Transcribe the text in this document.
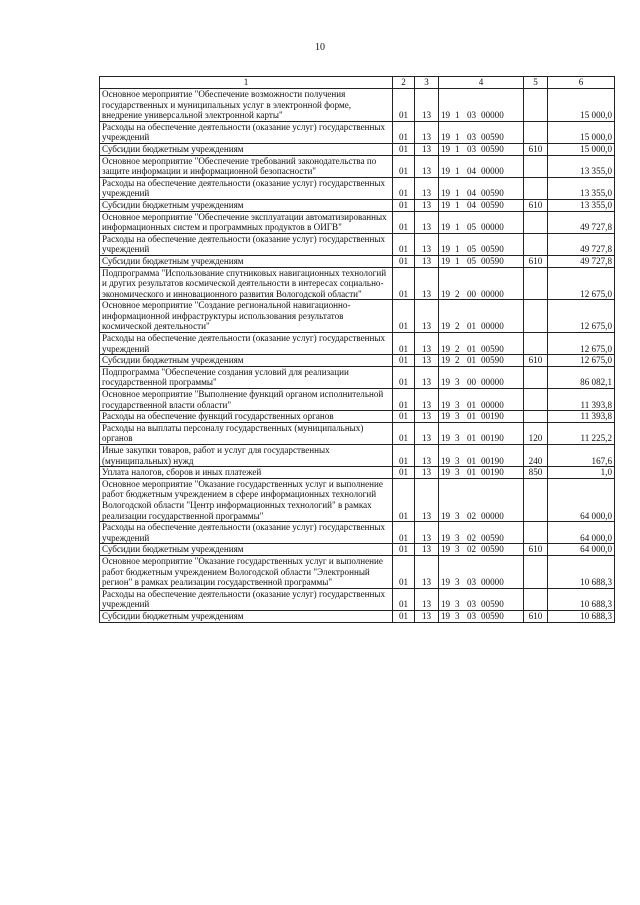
10
1	2	3	4	5	6
Основное мероприятие "Обеспечение возможности получения государственных и муниципальных услуг в электронной форме, внедрение универсальной электронной карты"	01	13	19 1 03 00000		15 000,0
Расходы на обеспечение деятельности (оказание услуг) государственных учреждений	01	13	19 1 03 00590		15 000,0
Субсидии бюджетным учреждениям	01	13	19 1 03 00590	610	15 000,0
Основное мероприятие "Обеспечение требований законодательства по защите информации и информационной безопасности"	01	13	19 1 04 00000		13 355,0
Расходы на обеспечение деятельности (оказание услуг) государственных учреждений	01	13	19 1 04 00590		13 355,0
Субсидии бюджетным учреждениям	01	13	19 1 04 00590	610	13 355,0
Основное мероприятие "Обеспечение эксплуатации автоматизированных информационных систем и программных продуктов в ОИГВ"	01	13	19 1 05 00000		49 727,8
Расходы на обеспечение деятельности (оказание услуг) государственных учреждений	01	13	19 1 05 00590		49 727,8
Субсидии бюджетным учреждениям	01	13	19 1 05 00590	610	49 727,8
Подпрограмма "Использование спутниковых навигационных технологий и других результатов космической деятельности в интересах социально-экономического и инновационного развития Вологодской области"	01	13	19 2 00 00000		12 675,0
Основное мероприятие "Создание региональной навигационно-информационной инфраструктуры использования результатов космической деятельности"	01	13	19 2 01 00000		12 675,0
Расходы на обеспечение деятельности (оказание услуг) государственных учреждений	01	13	19 2 01 00590		12 675,0
Субсидии бюджетным учреждениям	01	13	19 2 01 00590	610	12 675,0
Подпрограмма "Обеспечение создания условий для реализации государственной программы"	01	13	19 3 00 00000		86 082,1
Основное мероприятие "Выполнение функций органом исполнительной государственной власти области"	01	13	19 3 01 00000		11 393,8
Расходы на обеспечение функций государственных органов	01	13	19 3 01 00190		11 393,8
Расходы на выплаты персоналу государственных (муниципальных) органов	01	13	19 3 01 00190	120	11 225,2
Иные закупки товаров, работ и услуг для государственных (муниципальных) нужд	01	13	19 3 01 00190	240	167,6
Уплата налогов, сборов и иных платежей	01	13	19 3 01 00190	850	1,0
Основное мероприятие "Оказание государственных услуг и выполнение работ бюджетным учреждением в сфере информационных технологий Вологодской области "Центр информационных технологий" в рамках реализации государственной программы"	01	13	19 3 02 00000		64 000,0
Расходы на обеспечение деятельности (оказание услуг) государственных учреждений	01	13	19 3 02 00590		64 000,0
Субсидии бюджетным учреждениям	01	13	19 3 02 00590	610	64 000,0
Основное мероприятие "Оказание государственных услуг и выполнение работ бюджетным учреждением Вологодской области "Электронный регион" в рамках реализации государственной программы"	01	13	19 3 03 00000		10 688,3
Расходы на обеспечение деятельности (оказание услуг) государственных учреждений	01	13	19 3 03 00590		10 688,3
Субсидии бюджетным учреждениям	01	13	19 3 03 00590	610	10 688,3
